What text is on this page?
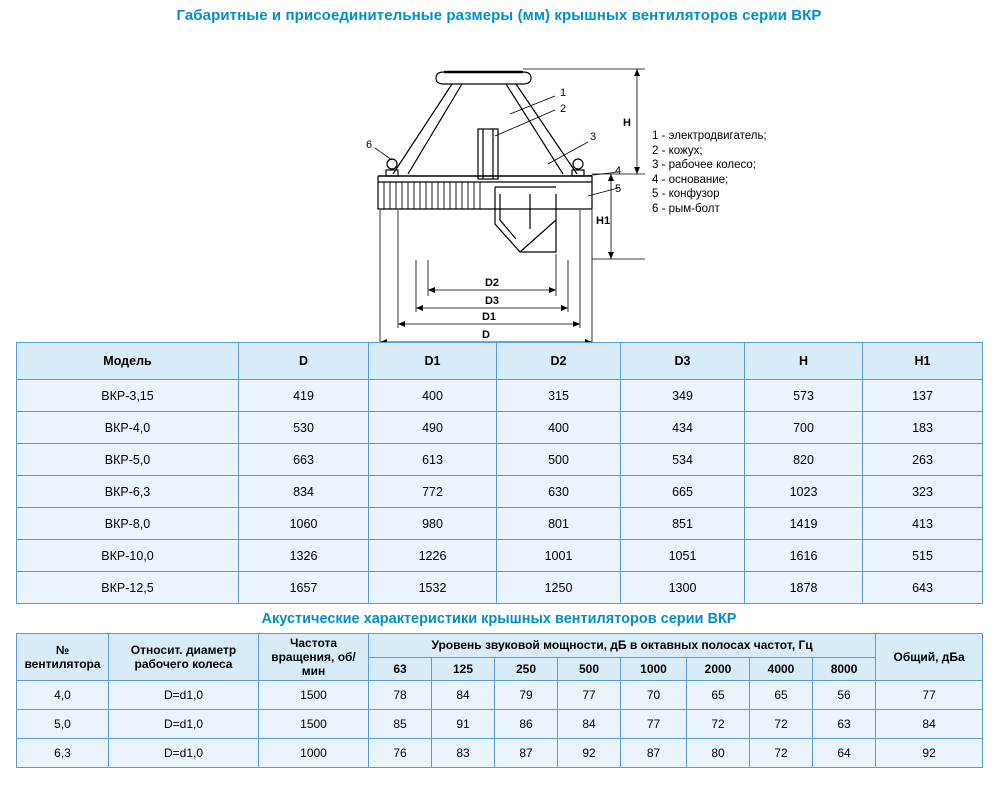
Габаритные и присоединительные размеры (мм) крышных вентиляторов серии ВКР
1
2
3
4
5
6
H
H1
D2
D3
D1
D
1 - электродвигатель;
2 - кожух;
3 - рабочее колесо;
4 - основание;
5 - конфузор
6 - рым-болт
Модель	D	D1	D2	D3	H	H1
ВКР-3,15	419	400	315	349	573	137
ВКР-4,0	530	490	400	434	700	183
ВКР-5,0	663	613	500	534	820	263
ВКР-6,3	834	772	630	665	1023	323
ВКР-8,0	1060	980	801	851	1419	413
ВКР-10,0	1326	1226	1001	1051	1616	515
ВКР-12,5	1657	1532	1250	1300	1878	643
Акустические характеристики крышных вентиляторов серии ВКР
№ вентилятора	Относит. диаметр рабочего колеса	Частота вращения, об/мин	Уровень звуковой мощности, дБ в октавных полосах частот, Гц								Общий, дБа
			63	125	250	500	1000	2000	4000	8000	
4,0	D=d1,0	1500	78	84	79	77	70	65	65	56	77
5,0	D=d1,0	1500	85	91	86	84	77	72	72	63	84
6,3	D=d1,0	1000	76	83	87	92	87	80	72	64	92
